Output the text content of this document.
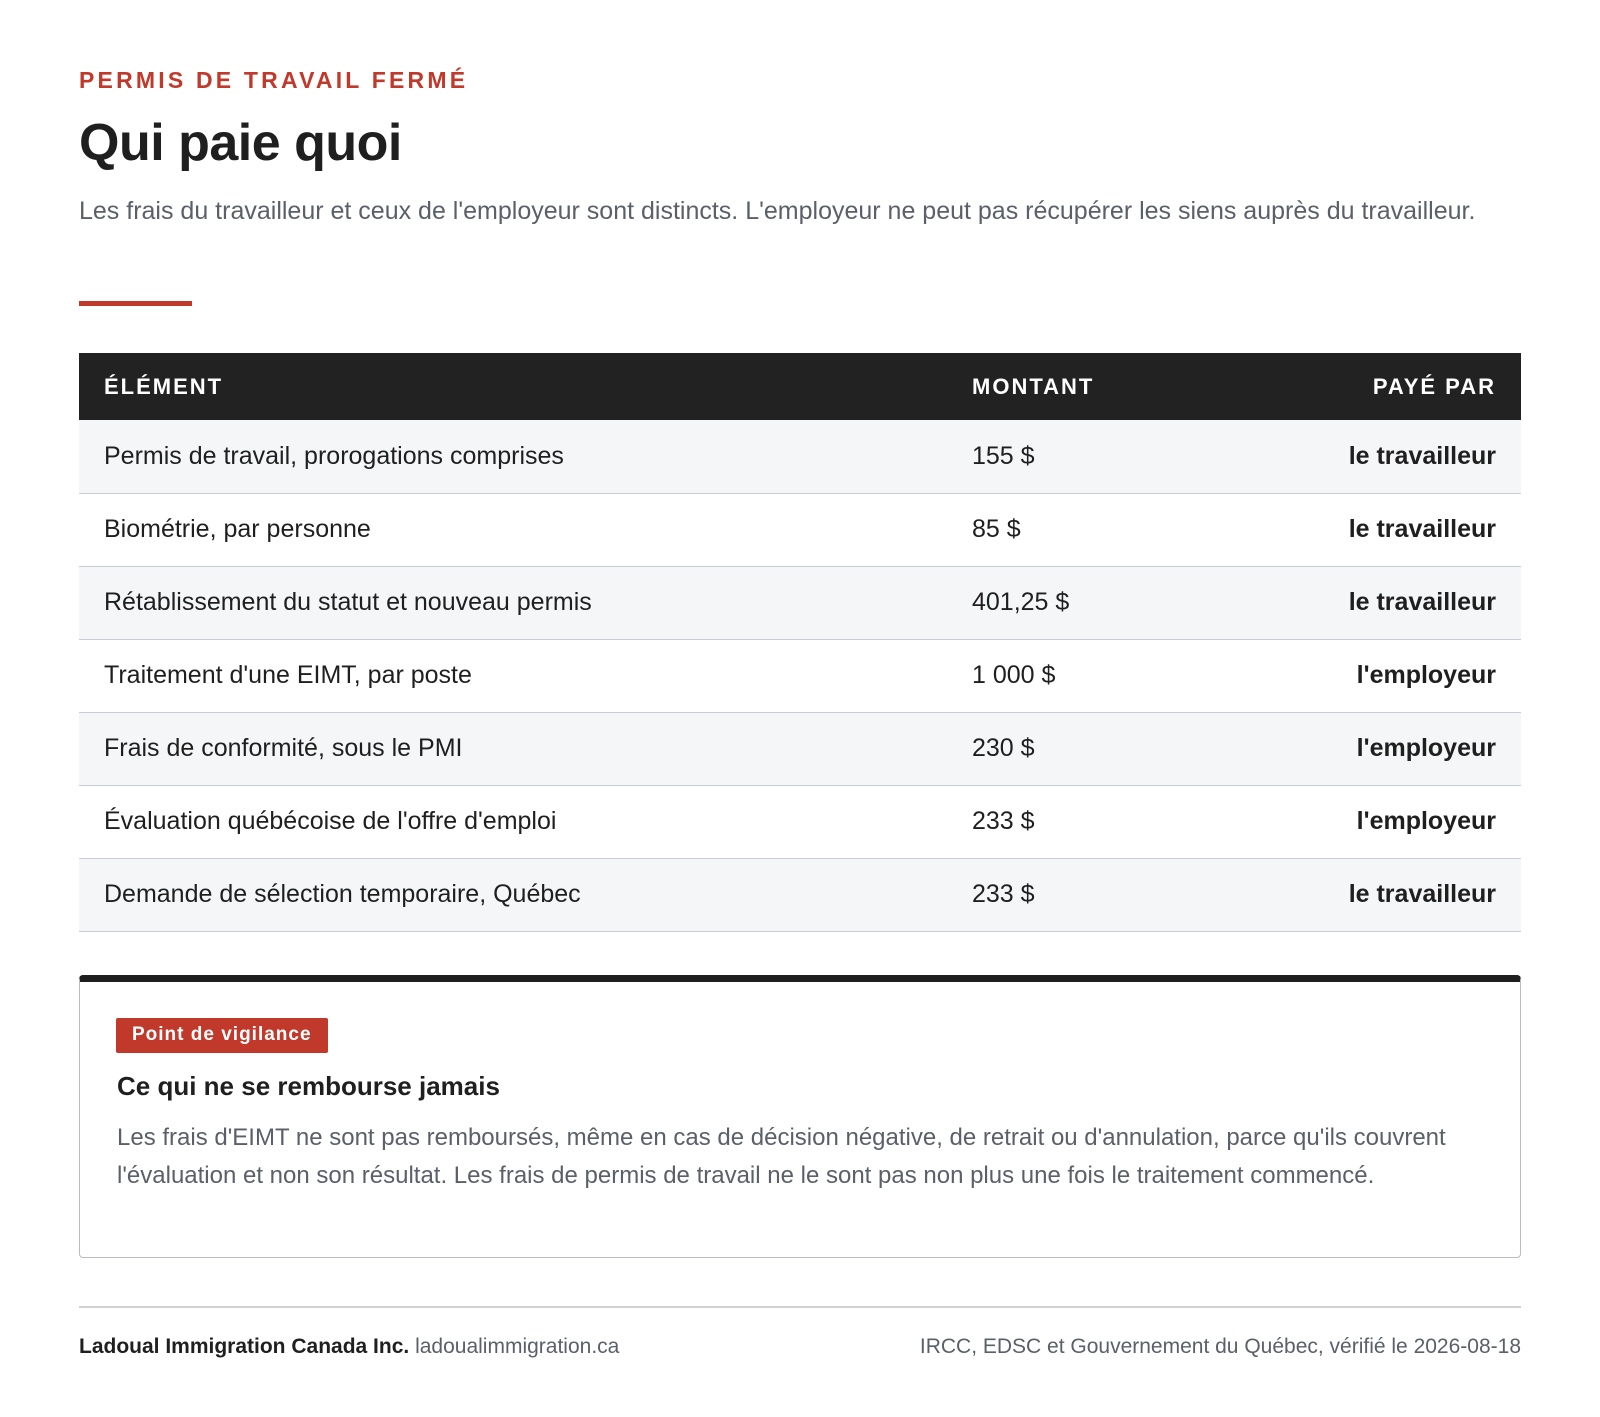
PERMIS DE TRAVAIL FERMÉ
Qui paie quoi

Les frais du travailleur et ceux de l'employeur sont distincts. L'employeur ne peut pas récupérer les siens auprès du travailleur.

ÉLÉMENT	MONTANT	PAYÉ PAR
Permis de travail, prorogations comprises	155 $	le travailleur
Biométrie, par personne	85 $	le travailleur
Rétablissement du statut et nouveau permis	401,25 $	le travailleur
Traitement d'une EIMT, par poste	1 000 $	l'employeur
Frais de conformité, sous le PMI	230 $	l'employeur
Évaluation québécoise de l'offre d'emploi	233 $	l'employeur
Demande de sélection temporaire, Québec	233 $	le travailleur
Point de vigilance
Ce qui ne se rembourse jamais

Les frais d'EIMT ne sont pas remboursés, même en cas de décision négative, de retrait ou d'annulation, parce qu'ils couvrent l'évaluation et non son résultat. Les frais de permis de travail ne le sont pas non plus une fois le traitement commencé.

Ladoual Immigration Canada Inc. ladoualimmigration.ca	IRCC, EDSC et Gouvernement du Québec, vérifié le 2026-08-18
